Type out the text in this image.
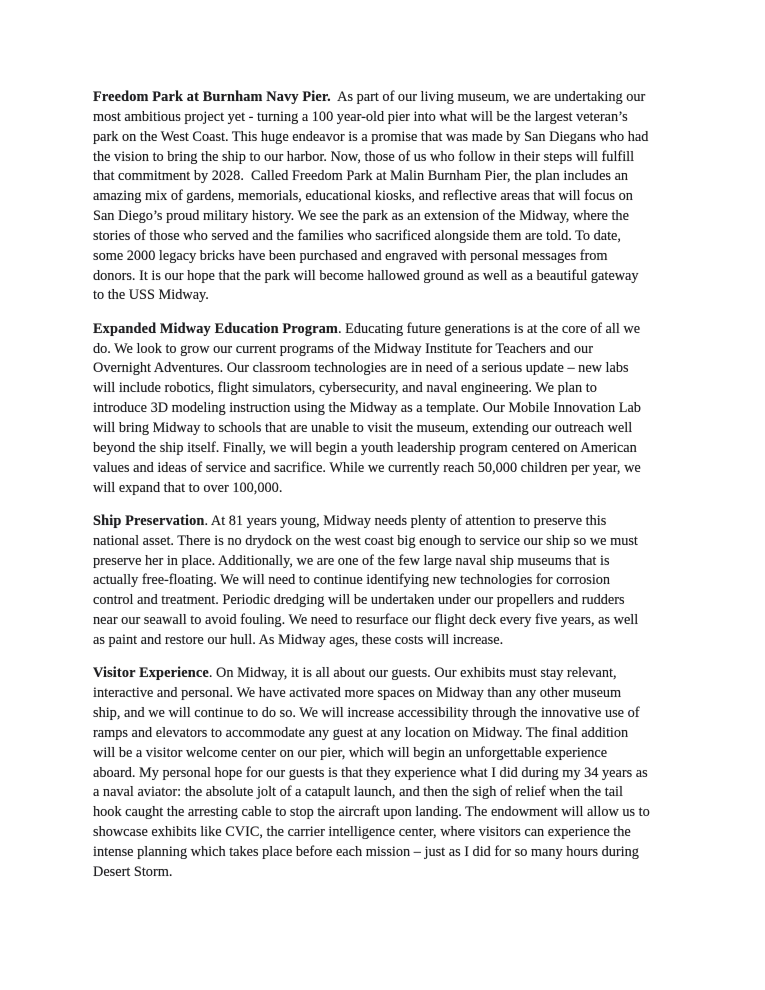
Freedom Park at Burnham Navy Pier.  As part of our living museum, we are undertaking our
most ambitious project yet - turning a 100 year-old pier into what will be the largest veteran’s
park on the West Coast. This huge endeavor is a promise that was made by San Diegans who had
the vision to bring the ship to our harbor. Now, those of us who follow in their steps will fulfill
that commitment by 2028.  Called Freedom Park at Malin Burnham Pier, the plan includes an
amazing mix of gardens, memorials, educational kiosks, and reflective areas that will focus on
San Diego’s proud military history. We see the park as an extension of the Midway, where the
stories of those who served and the families who sacrificed alongside them are told. To date,
some 2000 legacy bricks have been purchased and engraved with personal messages from
donors. It is our hope that the park will become hallowed ground as well as a beautiful gateway
to the USS Midway.
Expanded Midway Education Program. Educating future generations is at the core of all we
do. We look to grow our current programs of the Midway Institute for Teachers and our
Overnight Adventures. Our classroom technologies are in need of a serious update – new labs
will include robotics, flight simulators, cybersecurity, and naval engineering. We plan to
introduce 3D modeling instruction using the Midway as a template. Our Mobile Innovation Lab
will bring Midway to schools that are unable to visit the museum, extending our outreach well
beyond the ship itself. Finally, we will begin a youth leadership program centered on American
values and ideas of service and sacrifice. While we currently reach 50,000 children per year, we
will expand that to over 100,000.
Ship Preservation. At 81 years young, Midway needs plenty of attention to preserve this
national asset. There is no drydock on the west coast big enough to service our ship so we must
preserve her in place. Additionally, we are one of the few large naval ship museums that is
actually free-floating. We will need to continue identifying new technologies for corrosion
control and treatment. Periodic dredging will be undertaken under our propellers and rudders
near our seawall to avoid fouling. We need to resurface our flight deck every five years, as well
as paint and restore our hull. As Midway ages, these costs will increase.
Visitor Experience. On Midway, it is all about our guests. Our exhibits must stay relevant,
interactive and personal. We have activated more spaces on Midway than any other museum
ship, and we will continue to do so. We will increase accessibility through the innovative use of
ramps and elevators to accommodate any guest at any location on Midway. The final addition
will be a visitor welcome center on our pier, which will begin an unforgettable experience
aboard. My personal hope for our guests is that they experience what I did during my 34 years as
a naval aviator: the absolute jolt of a catapult launch, and then the sigh of relief when the tail
hook caught the arresting cable to stop the aircraft upon landing. The endowment will allow us to
showcase exhibits like CVIC, the carrier intelligence center, where visitors can experience the
intense planning which takes place before each mission – just as I did for so many hours during
Desert Storm.
